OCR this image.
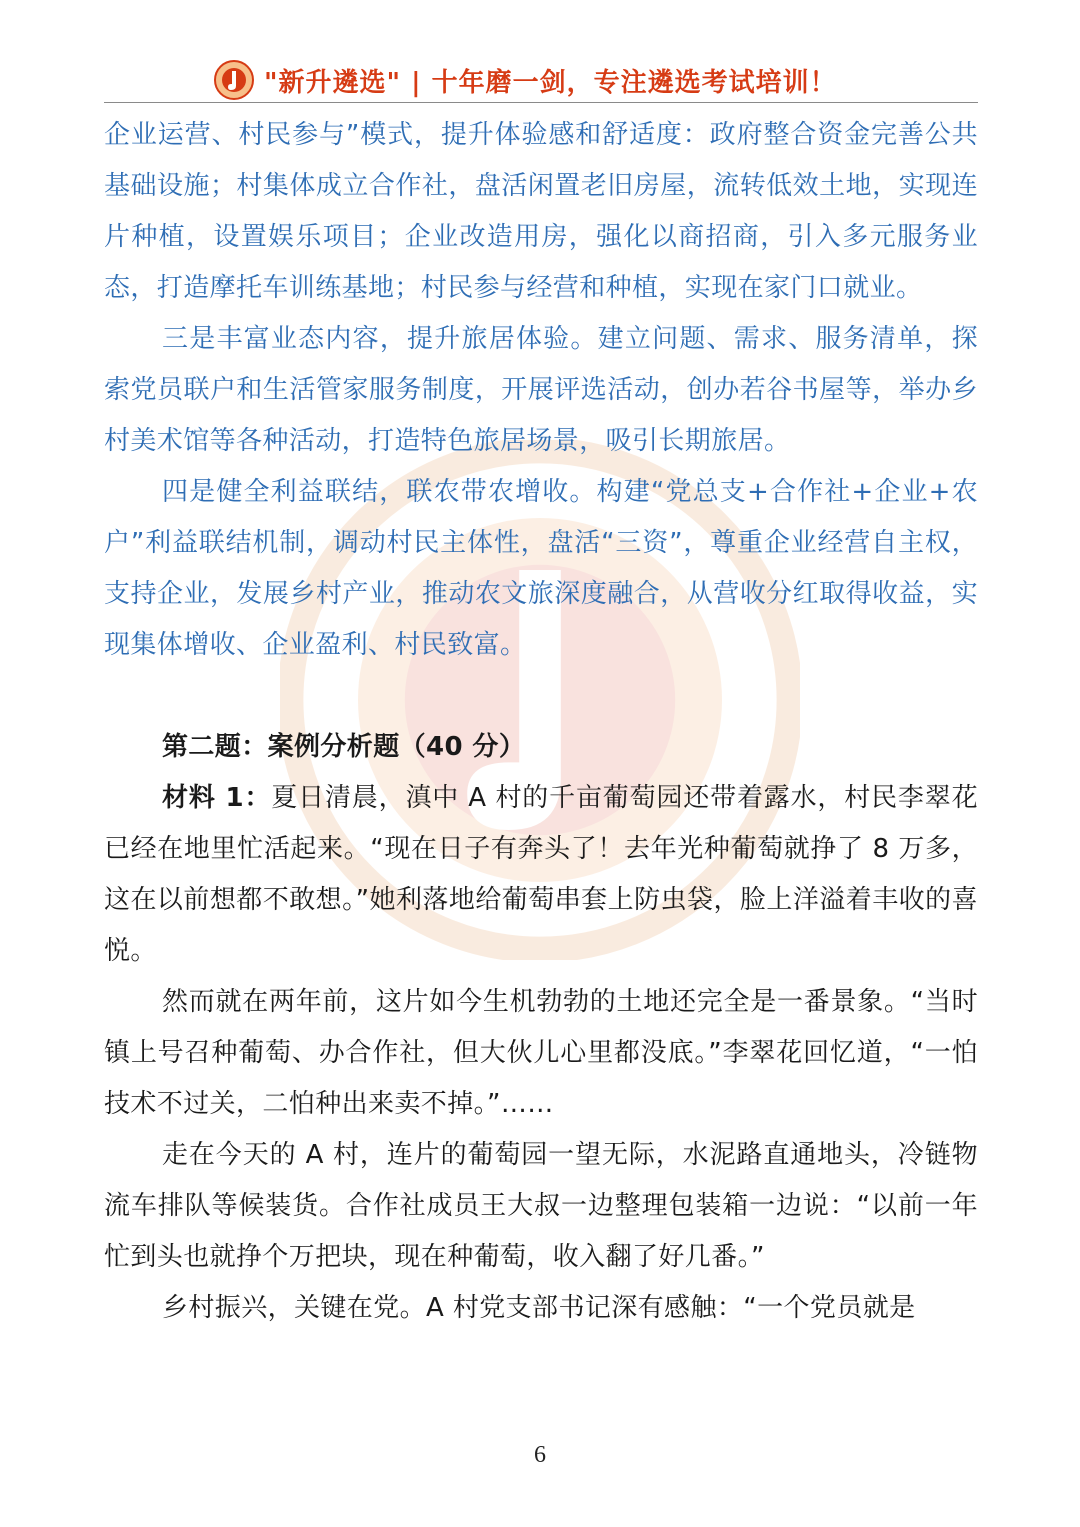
"新升遴选" | 十年磨一剑，专注遴选考试培训！

企业运营、村民参与”模式，提升体验感和舒适度：政府整合资金完善公共基础设施；村集体成立合作社，盘活闲置老旧房屋，流转低效土地，实现连片种植，设置娱乐项目；企业改造用房，强化以商招商，引入多元服务业态，打造摩托车训练基地；村民参与经营和种植，实现在家门口就业。

三是丰富业态内容，提升旅居体验。建立问题、需求、服务清单，探索党员联户和生活管家服务制度，开展评选活动，创办若谷书屋等，举办乡村美术馆等各种活动，打造特色旅居场景，吸引长期旅居。

四是健全利益联结，联农带农增收。构建“党总支+合作社+企业+农户”利益联结机制，调动村民主体性，盘活“三资”，尊重企业经营自主权，支持企业，发展乡村产业，推动农文旅深度融合，从营收分红取得收益，实现集体增收、企业盈利、村民致富。

第二题：案例分析题（40 分）

材料 1：夏日清晨，滇中 A 村的千亩葡萄园还带着露水，村民李翠花已经在地里忙活起来。“现在日子有奔头了！去年光种葡萄就挣了 8 万多，这在以前想都不敢想。”她利落地给葡萄串套上防虫袋，脸上洋溢着丰收的喜悦。

然而就在两年前，这片如今生机勃勃的土地还完全是一番景象。“当时镇上号召种葡萄、办合作社，但大伙儿心里都没底。”李翠花回忆道，“一怕技术不过关，二怕种出来卖不掉。”……

走在今天的 A 村，连片的葡萄园一望无际，水泥路直通地头，冷链物流车排队等候装货。合作社成员王大叔一边整理包装箱一边说：“以前一年忙到头也就挣个万把块，现在种葡萄，收入翻了好几番。”

乡村振兴，关键在党。A 村党支部书记深有感触：“一个党员就是

6
